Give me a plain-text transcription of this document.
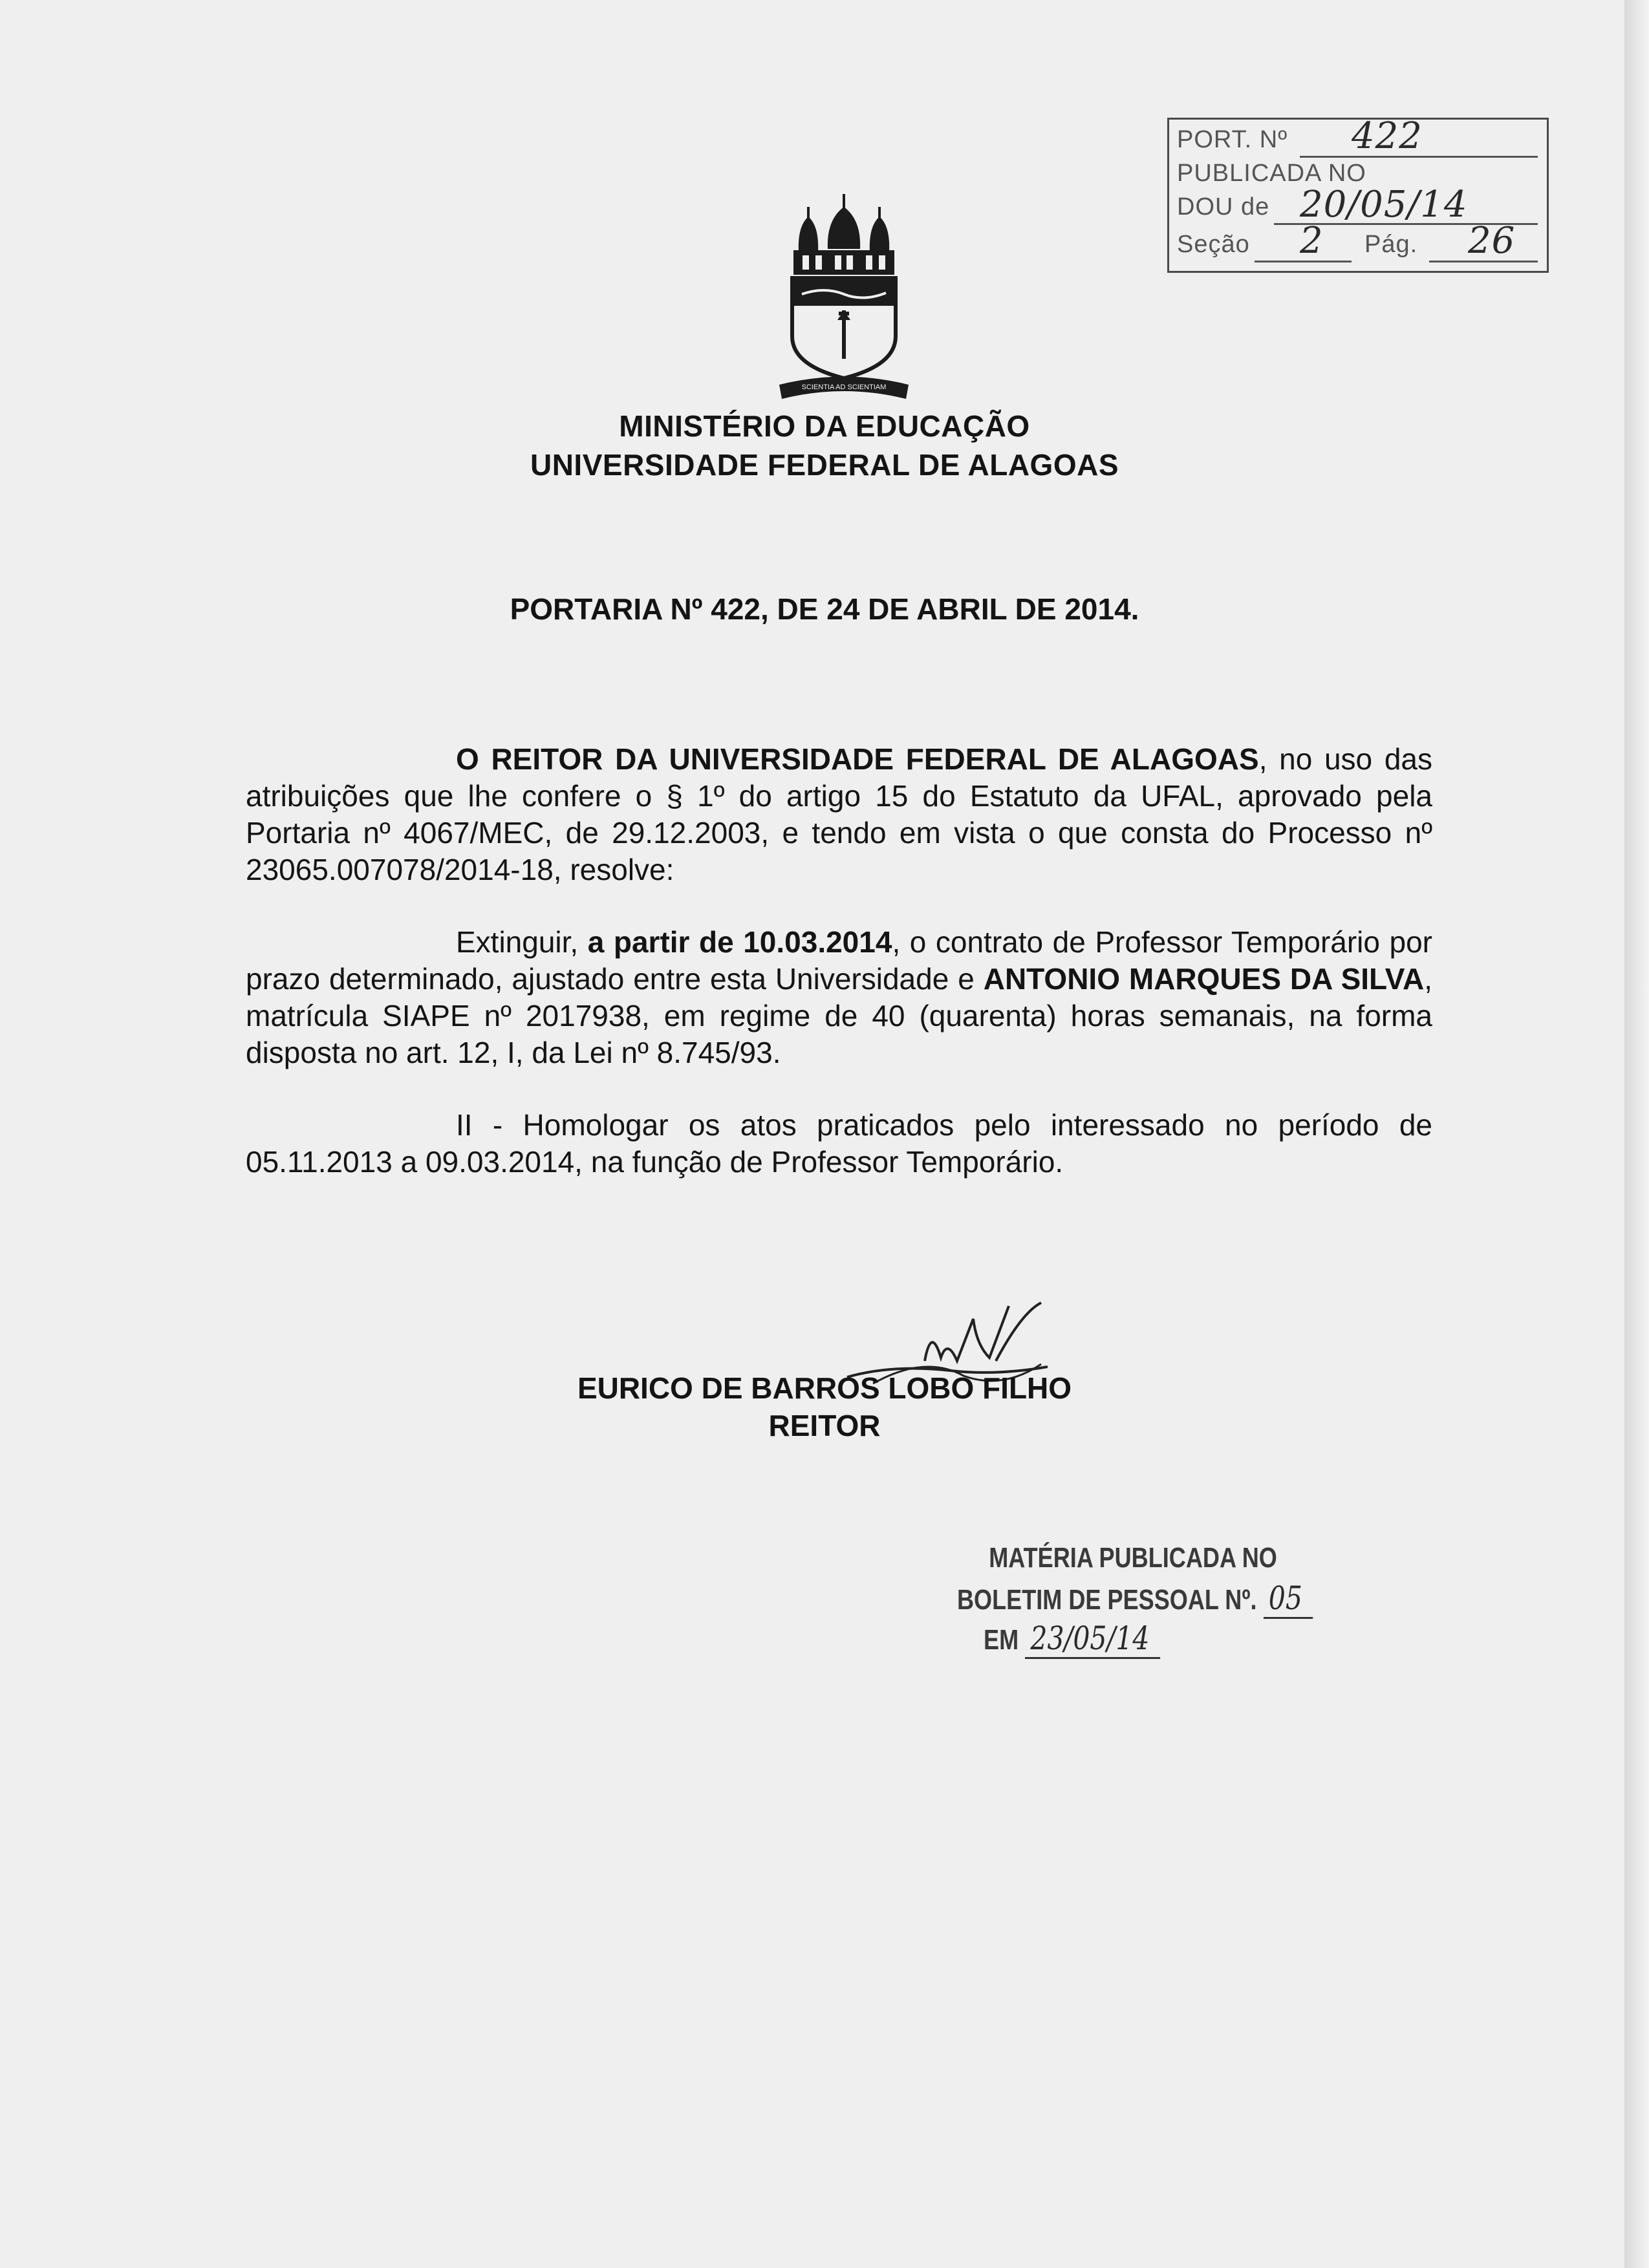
PORT. Nº 422
PUBLICADA NO
DOU de 20/05/14
Seção 2 Pág. 26
SCIENTIA AD SCIENTIAM
MINISTÉRIO DA EDUCAÇÃO
UNIVERSIDADE FEDERAL DE ALAGOAS
PORTARIA Nº 422, DE 24 DE ABRIL DE 2014.

O REITOR DA UNIVERSIDADE FEDERAL DE ALAGOAS, no uso das atribuições que lhe confere o § 1º do artigo 15 do Estatuto da UFAL, aprovado pela Portaria nº 4067/MEC, de 29.12.2003, e tendo em vista o que consta do Processo nº 23065.007078/2014-18, resolve:

Extinguir, a partir de 10.03.2014, o contrato de Professor Temporário por prazo determinado, ajustado entre esta Universidade e ANTONIO MARQUES DA SILVA, matrícula SIAPE nº 2017938, em regime de 40 (quarenta) horas semanais, na forma disposta no art. 12, I, da Lei nº 8.745/93.

II - Homologar os atos praticados pelo interessado no período de 05.11.2013 a 09.03.2014, na função de Professor Temporário.

EURICO DE BARROS LOBO FILHO
REITOR
MATÉRIA PUBLICADA NO
BOLETIM DE PESSOAL Nº. 05
EM 23/05/14
